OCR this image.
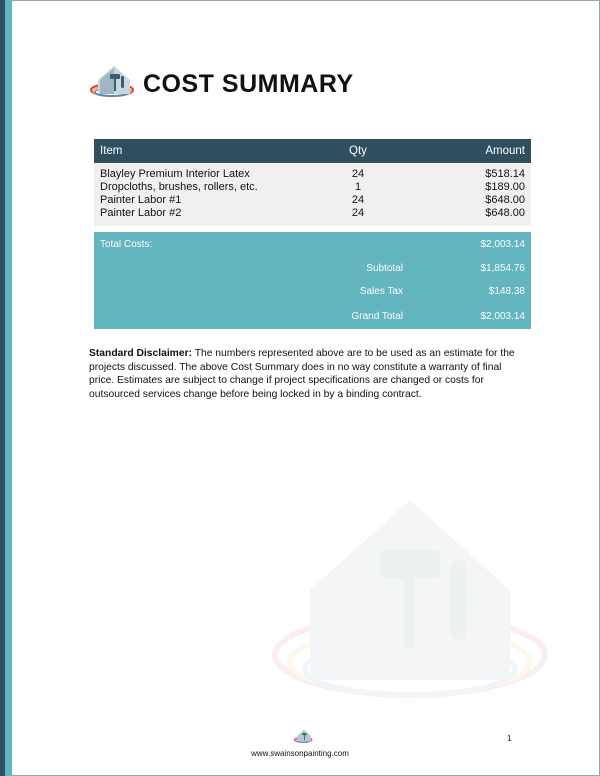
COST SUMMARY
Item	Qty	Amount

Blayley Premium Interior Latex	24	$518.14
Dropcloths, brushes, rollers, etc.	1	$189.00
Painter Labor #1	24	$648.00
Painter Labor #2	24	$648.00

Total Costs:		$2,003.14
	Subtotal	$1,854.76
	Sales Tax	$148.38
	Grand Total	$2,003.14
Standard Disclaimer: The numbers represented above are to be used as an estimate for the projects discussed. The above Cost Summary does in no way constitute a warranty of final price. Estimates are subject to change if project specifications are changed or costs for outsourced services change before being locked in by a binding contract.
www.swainsonpainting.com
1
